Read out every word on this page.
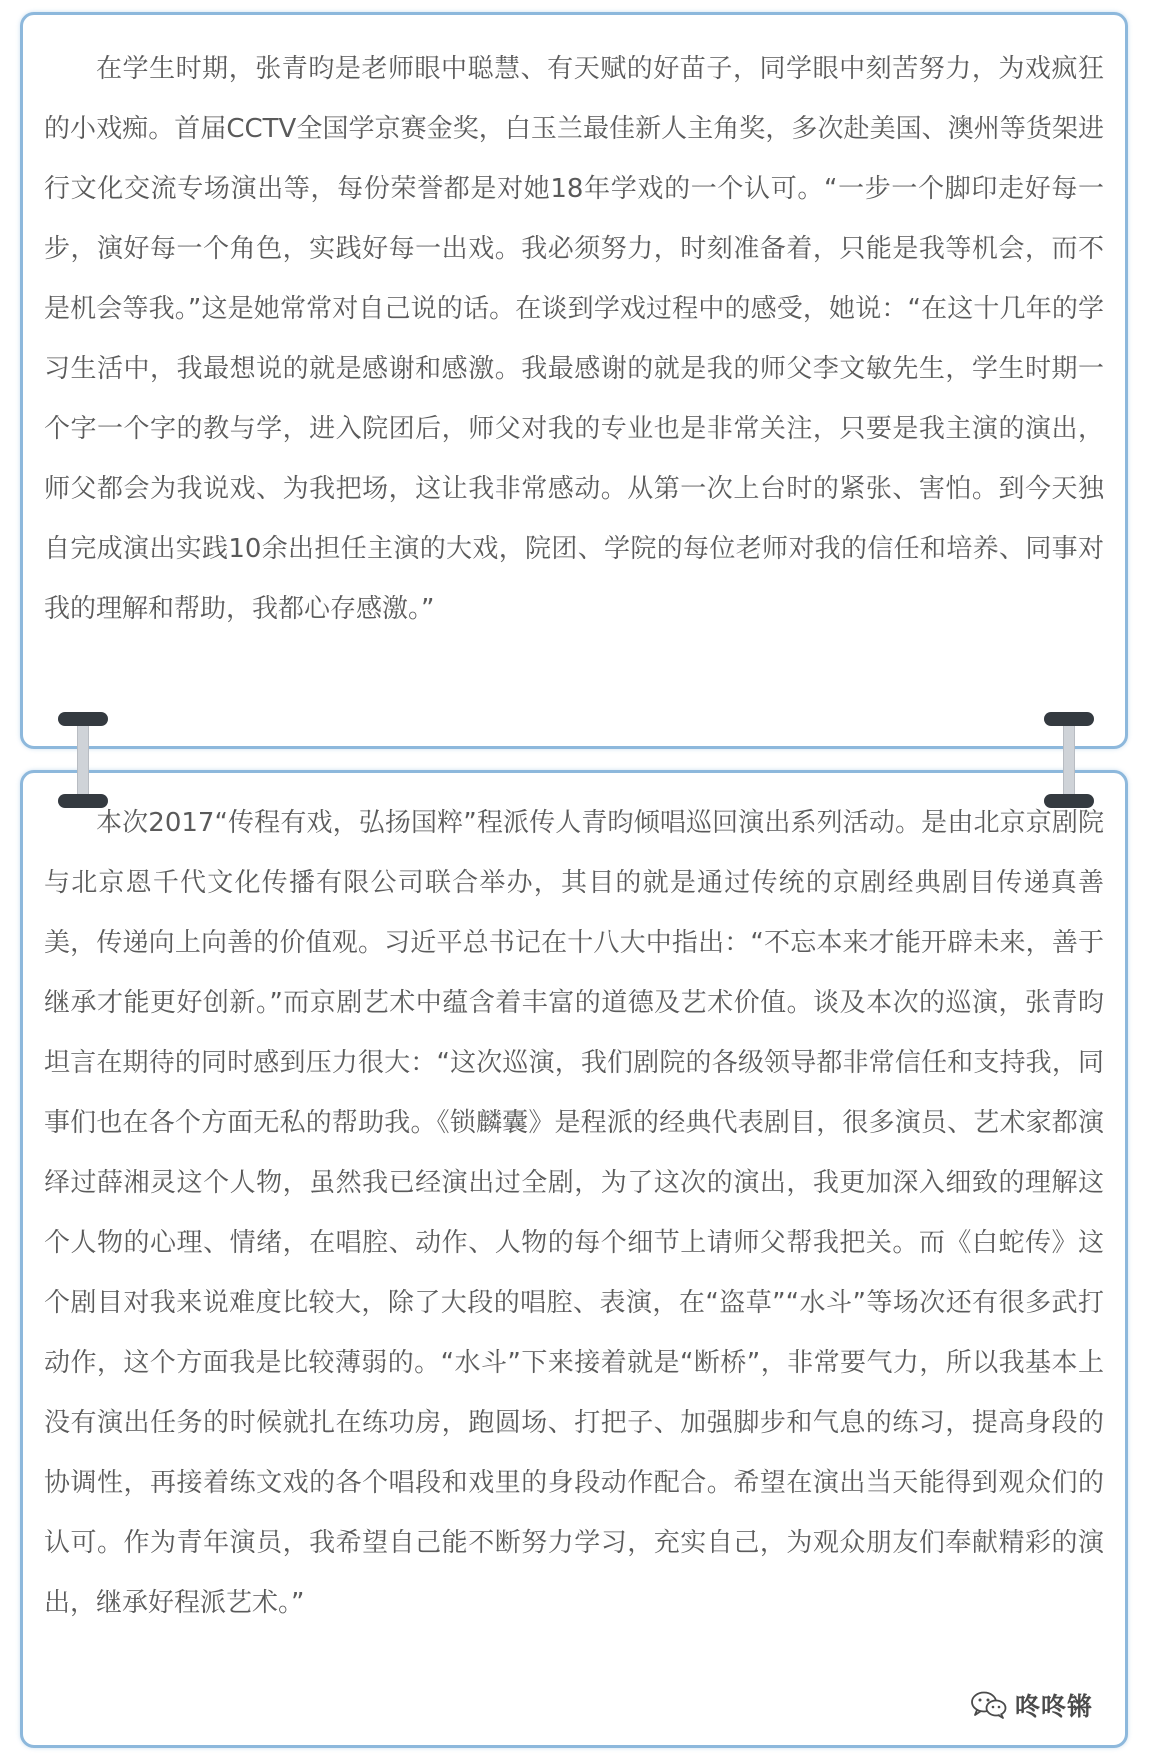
在学生时期，张青昀是老师眼中聪慧、有天赋的好苗子，同学眼中刻苦努力，为戏疯狂的小戏痴。首届CCTV全国学京赛金奖，白玉兰最佳新人主角奖，多次赴美国、澳州等货架进行文化交流专场演出等，每份荣誉都是对她18年学戏的一个认可。“一步一个脚印走好每一步，演好每一个角色，实践好每一出戏。我必须努力，时刻准备着，只能是我等机会，而不是机会等我。”这是她常常对自己说的话。在谈到学戏过程中的感受，她说：“在这十几年的学习生活中，我最想说的就是感谢和感激。我最感谢的就是我的师父李文敏先生，学生时期一个字一个字的教与学，进入院团后，师父对我的专业也是非常关注，只要是我主演的演出，师父都会为我说戏、为我把场，这让我非常感动。从第一次上台时的紧张、害怕。到今天独自完成演出实践10余出担任主演的大戏，院团、学院的每位老师对我的信任和培养、同事对我的理解和帮助，我都心存感激。”

本次2017“传程有戏，弘扬国粹”程派传人青昀倾唱巡回演出系列活动。是由北京京剧院与北京恩千代文化传播有限公司联合举办，其目的就是通过传统的京剧经典剧目传递真善美，传递向上向善的价值观。习近平总书记在十八大中指出：“不忘本来才能开辟未来，善于继承才能更好创新。”而京剧艺术中蕴含着丰富的道德及艺术价值。谈及本次的巡演，张青昀坦言在期待的同时感到压力很大：“这次巡演，我们剧院的各级领导都非常信任和支持我，同事们也在各个方面无私的帮助我。《锁麟囊》是程派的经典代表剧目，很多演员、艺术家都演绎过薛湘灵这个人物，虽然我已经演出过全剧，为了这次的演出，我更加深入细致的理解这个人物的心理、情绪，在唱腔、动作、人物的每个细节上请师父帮我把关。而《白蛇传》这个剧目对我来说难度比较大，除了大段的唱腔、表演，在“盗草”“水斗”等场次还有很多武打动作，这个方面我是比较薄弱的。“水斗”下来接着就是“断桥”，非常要气力，所以我基本上没有演出任务的时候就扎在练功房，跑圆场、打把子、加强脚步和气息的练习，提高身段的协调性，再接着练文戏的各个唱段和戏里的身段动作配合。希望在演出当天能得到观众们的认可。作为青年演员，我希望自己能不断努力学习，充实自己，为观众朋友们奉献精彩的演出，继承好程派艺术。”

咚咚锵
